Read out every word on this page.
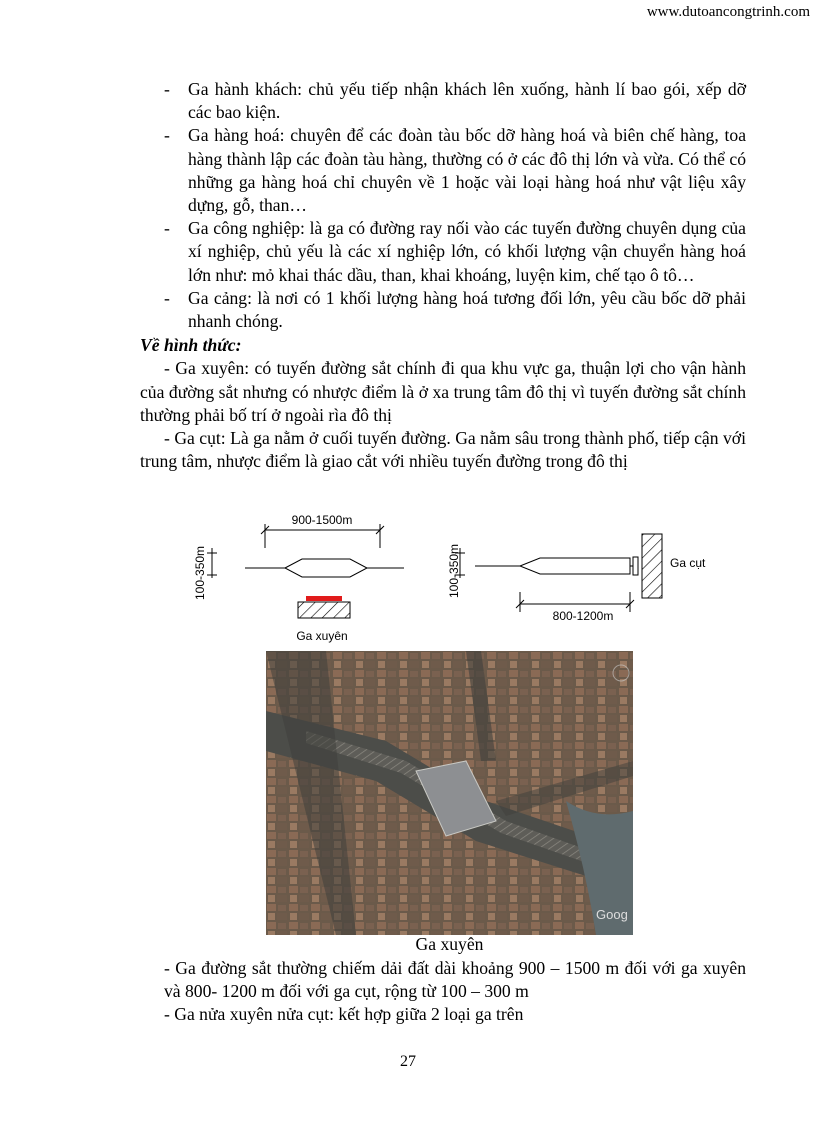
www.dutoancongtrinh.com
- Ga hành khách: chủ yếu tiếp nhận khách lên xuống, hành lí bao gói, xếp dỡ các bao kiện.
- Ga hàng hoá: chuyên để các đoàn tàu bốc dỡ hàng hoá và biên chế hàng, toa hàng thành lập các đoàn tàu hàng, thường có ở các đô thị lớn và vừa. Có thể có những ga hàng hoá chỉ chuyên về 1 hoặc vài loại hàng hoá như vật liệu xây dựng, gỗ, than…
- Ga công nghiệp: là ga có đường ray nối vào các tuyến đường chuyên dụng của xí nghiệp, chủ yếu là các xí nghiệp lớn, có khối lượng vận chuyển hàng hoá lớn như: mỏ khai thác dầu, than, khai khoáng, luyện kim, chế tạo ô tô…
- Ga cảng: là nơi có 1 khối lượng hàng hoá tương đối lớn, yêu cầu bốc dỡ phải nhanh chóng.
Về hình thức:

- Ga xuyên: có tuyến đường sắt chính đi qua khu vực ga, thuận lợi cho vận hành của đường sắt nhưng có nhược điểm là ở xa trung tâm đô thị vì tuyến đường sắt chính thường phải bố trí ở ngoài rìa đô thị

- Ga cụt: Là ga nằm ở cuối tuyến đường. Ga nằm sâu trong thành phố, tiếp cận với trung tâm, nhược điểm là giao cắt với nhiều tuyến đường trong đô thị

900-1500m
100-350m
Ga xuyên
Ga cụt
100-350m
800-1200m
Goog
Ga xuyên

- Ga đường sắt thường chiếm dải đất dài khoảng 900 – 1500 m đối với ga xuyên và 800- 1200 m đối với ga cụt, rộng từ 100 – 300 m

- Ga nửa xuyên nửa cụt: kết hợp giữa 2 loại ga trên

27
